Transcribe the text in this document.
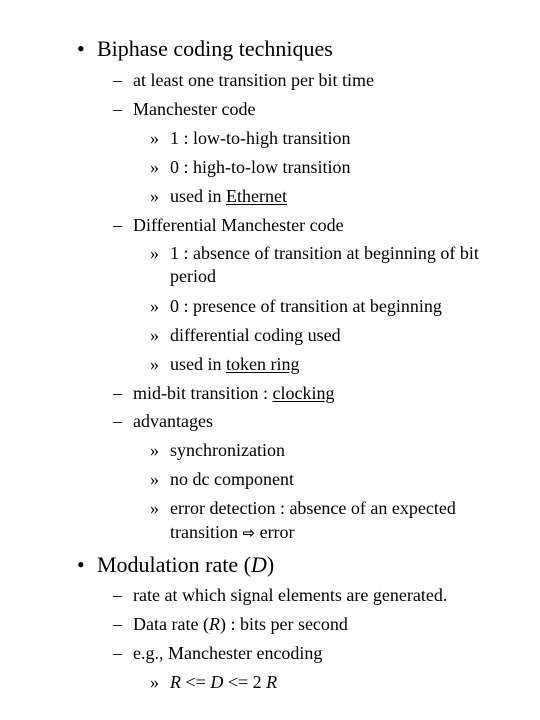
• Biphase coding techniques
– at least one transition per bit time
– Manchester code
» 1 : low-to-high transition
» 0 : high-to-low transition
» used in Ethernet
– Differential Manchester code
» 1 : absence of transition at beginning of bit
period
» 0 : presence of transition at beginning
» differential coding used
» used in token ring
– mid-bit transition : clocking
– advantages
» synchronization
» no dc component
» error detection : absence of an expected
transition ⇨ error
• Modulation rate (D)
– rate at which signal elements are generated.
– Data rate (R) : bits per second
– e.g., Manchester encoding
» R <= D <= 2 R
